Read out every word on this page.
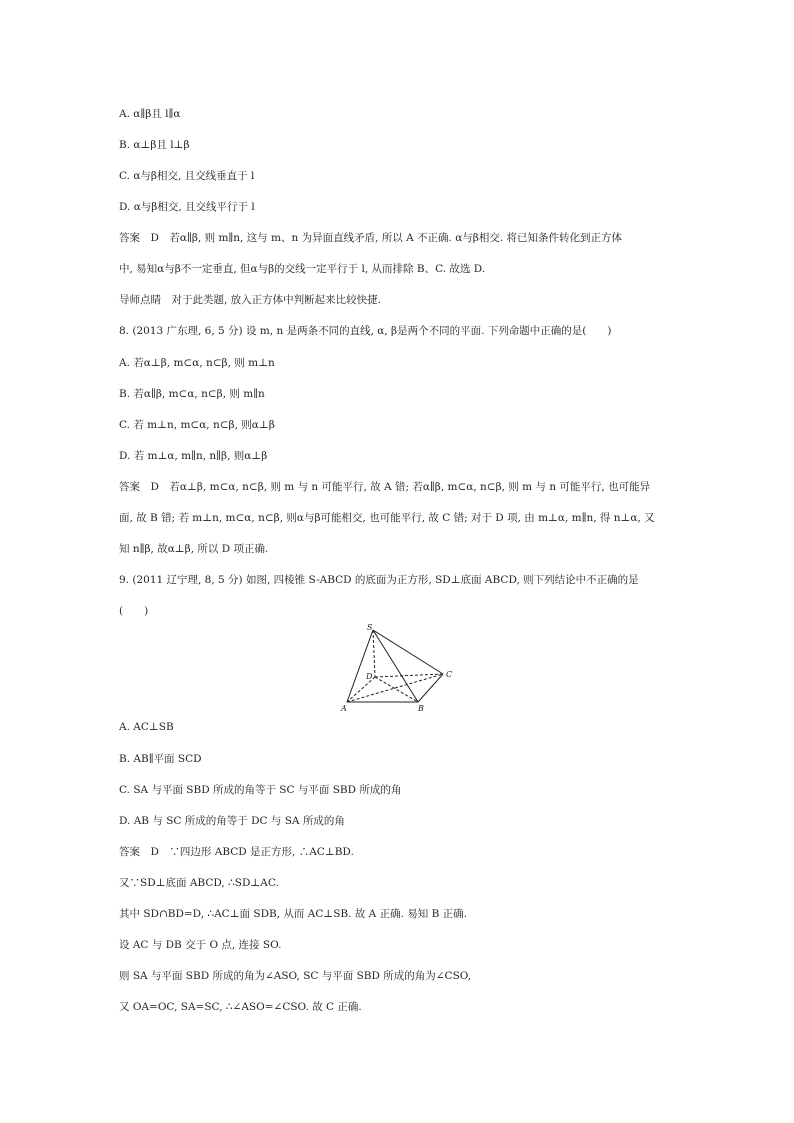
A. α∥β且 l∥α

B. α⊥β且 l⊥β

C. α与β相交, 且交线垂直于 l

D. α与β相交, 且交线平行于 l

答案　D　若α∥β, 则 m∥n, 这与 m、n 为异面直线矛盾, 所以 A 不正确. α与β相交. 将已知条件转化到正方体

中, 易知α与β不一定垂直, 但α与β的交线一定平行于 l, 从而排除 B、C. 故选 D.

导师点睛　对于此类题, 放入正方体中判断起来比较快捷.

8. (2013 广东理, 6, 5 分) 设 m, n 是两条不同的直线, α, β是两个不同的平面. 下列命题中正确的是(　　)

A. 若α⊥β, m⊂α, n⊂β, 则 m⊥n

B. 若α∥β, m⊂α, n⊂β, 则 m∥n

C. 若 m⊥n, m⊂α, n⊂β, 则α⊥β

D. 若 m⊥α, m∥n, n∥β, 则α⊥β

答案　D　若α⊥β, m⊂α, n⊂β, 则 m 与 n 可能平行, 故 A 错; 若α∥β, m⊂α, n⊂β, 则 m 与 n 可能平行, 也可能异

面, 故 B 错; 若 m⊥n, m⊂α, n⊂β, 则α与β可能相交, 也可能平行, 故 C 错; 对于 D 项, 由 m⊥α, m∥n, 得 n⊥α, 又

知 n∥β, 故α⊥β, 所以 D 项正确.

9. (2011 辽宁理, 8, 5 分) 如图, 四棱锥 S-ABCD 的底面为正方形, SD⊥底面 ABCD, 则下列结论中不正确的是

(　　)

S
D	C
A	B

A. AC⊥SB

B. AB∥平面 SCD

C. SA 与平面 SBD 所成的角等于 SC 与平面 SBD 所成的角

D. AB 与 SC 所成的角等于 DC 与 SA 所成的角

答案　D　∵四边形 ABCD 是正方形, ∴AC⊥BD.

又∵SD⊥底面 ABCD, ∴SD⊥AC.

其中 SD∩BD=D, ∴AC⊥面 SDB, 从而 AC⊥SB. 故 A 正确. 易知 B 正确.

设 AC 与 DB 交于 O 点, 连接 SO.

则 SA 与平面 SBD 所成的角为∠ASO, SC 与平面 SBD 所成的角为∠CSO,

又 OA=OC, SA=SC, ∴∠ASO=∠CSO. 故 C 正确.
